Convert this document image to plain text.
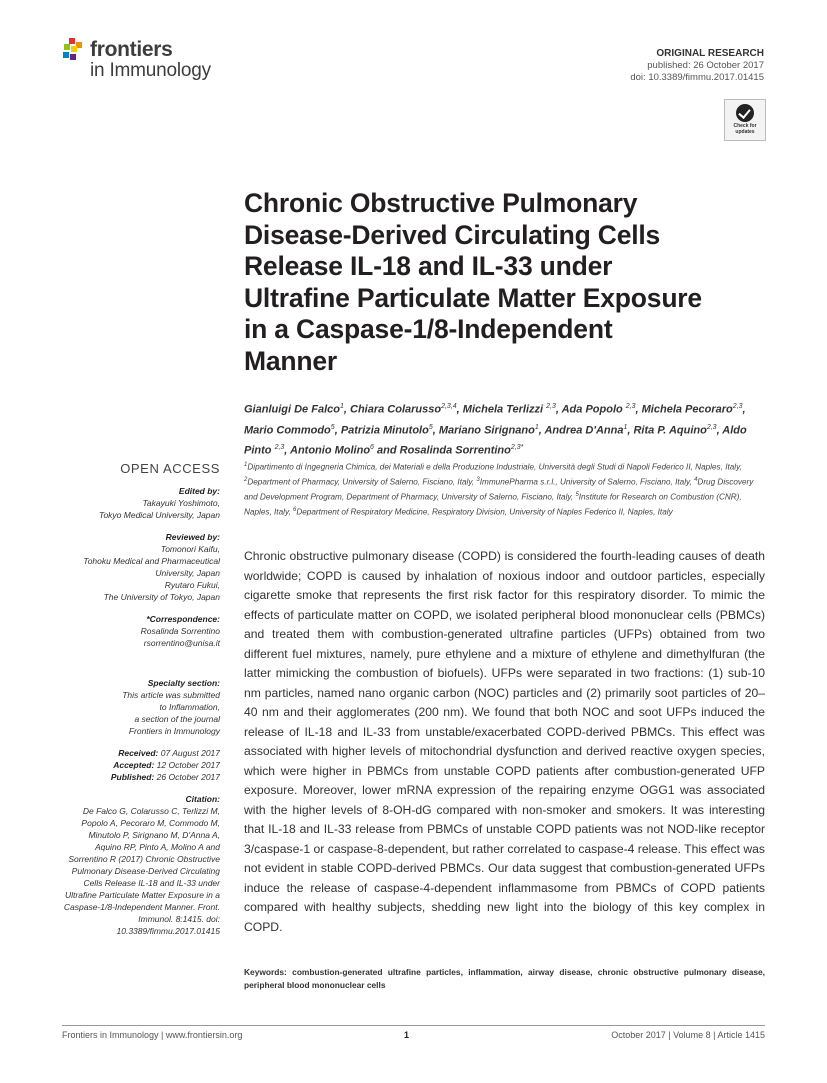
frontiers
in Immunology
ORIGINAL RESEARCH
published: 26 October 2017
doi: 10.3389/fimmu.2017.01415
Check for
updates
Chronic Obstructive Pulmonary
Disease-Derived Circulating Cells
Release IL-18 and IL-33 under
Ultrafine Particulate Matter Exposure
in a Caspase-1/8-Independent
Manner
Gianluigi De Falco$^1$, Chiara Colarusso$^{2,3,4}$, Michela Terlizzi $^{2,3}$, Ada Popolo $^{2,3}$, Michela Pecoraro$^{2,3}$, Mario Commodo$^5$, Patrizia Minutolo$^5$, Mariano Sirignano$^1$, Andrea D'Anna$^1$, Rita P. Aquino$^{2,3}$, Aldo Pinto $^{2,3}$, Antonio Molino$^6$ and Rosalinda Sorrentino$^{2,3*}$
$^1$Dipartimento di Ingegneria Chimica, dei Materiali e della Produzione Industriale, Università degli Studi di Napoli Federico II, Naples, Italy, $^2$Department of Pharmacy, University of Salerno, Fisciano, Italy, $^3$ImmunePharma s.r.l., University of Salerno, Fisciano, Italy, $^4$Drug Discovery and Development Program, Department of Pharmacy, University of Salerno, Fisciano, Italy, $^5$Institute for Research on Combustion (CNR), Naples, Italy, $^6$Department of Respiratory Medicine, Respiratory Division, University of Naples Federico II, Naples, Italy
OPEN ACCESS
Edited by:
Takayuki Yoshimoto,
Tokyo Medical University, Japan
Reviewed by:
Tomonori Kaifu,
Tohoku Medical and Pharmaceutical
University, Japan
Ryutaro Fukui,
The University of Tokyo, Japan
*Correspondence:
Rosalinda Sorrentino
rsorrentino@unisa.it
Specialty section:
This article was submitted
to Inflammation,
a section of the journal
Frontiers in Immunology
Received: 07 August 2017
Accepted: 12 October 2017
Published: 26 October 2017
Citation:
De Falco G, Colarusso C, Terlizzi M, Popolo A, Pecoraro M, Commodo M, Minutolo P, Sirignano M, D'Anna A, Aquino RP, Pinto A, Molino A and Sorrentino R (2017) Chronic Obstructive Pulmonary Disease-Derived Circulating Cells Release IL-18 and IL-33 under Ultrafine Particulate Matter Exposure in a Caspase-1/8-Independent Manner. Front. Immunol. 8:1415. doi: 10.3389/fimmu.2017.01415
Chronic obstructive pulmonary disease (COPD) is considered the fourth-leading causes of death worldwide; COPD is caused by inhalation of noxious indoor and outdoor particles, especially cigarette smoke that represents the first risk factor for this respiratory disorder. To mimic the effects of particulate matter on COPD, we isolated peripheral blood mononuclear cells (PBMCs) and treated them with combustion-generated ultrafine particles (UFPs) obtained from two different fuel mixtures, namely, pure ethylene and a mixture of ethylene and dimethylfuran (the latter mimicking the combustion of biofuels). UFPs were separated in two fractions: (1) sub-10 nm particles, named nano organic carbon (NOC) particles and (2) primarily soot particles of 20–40 nm and their agglomerates (200 nm). We found that both NOC and soot UFPs induced the release of IL-18 and IL-33 from unstable/exacerbated COPD-derived PBMCs. This effect was associated with higher levels of mitochondrial dysfunction and derived reactive oxygen species, which were higher in PBMCs from unstable COPD patients after combustion-generated UFP exposure. Moreover, lower mRNA expression of the repairing enzyme OGG1 was associated with the higher levels of 8-OH-dG compared with non-smoker and smokers. It was interesting that IL-18 and IL-33 release from PBMCs of unstable COPD patients was not NOD-like receptor 3/caspase-1 or caspase-8-dependent, but rather correlated to caspase-4 release. This effect was not evident in stable COPD-derived PBMCs. Our data suggest that combustion-generated UFPs induce the release of caspase-4-dependent inflammasome from PBMCs of COPD patients compared with healthy subjects, shedding new light into the biology of this key complex in COPD.
Keywords: combustion-generated ultrafine particles, inflammation, airway disease, chronic obstructive pulmonary disease, peripheral blood mononuclear cells
Frontiers in Immunology | www.frontiersin.org	1	October 2017 | Volume 8 | Article 1415
